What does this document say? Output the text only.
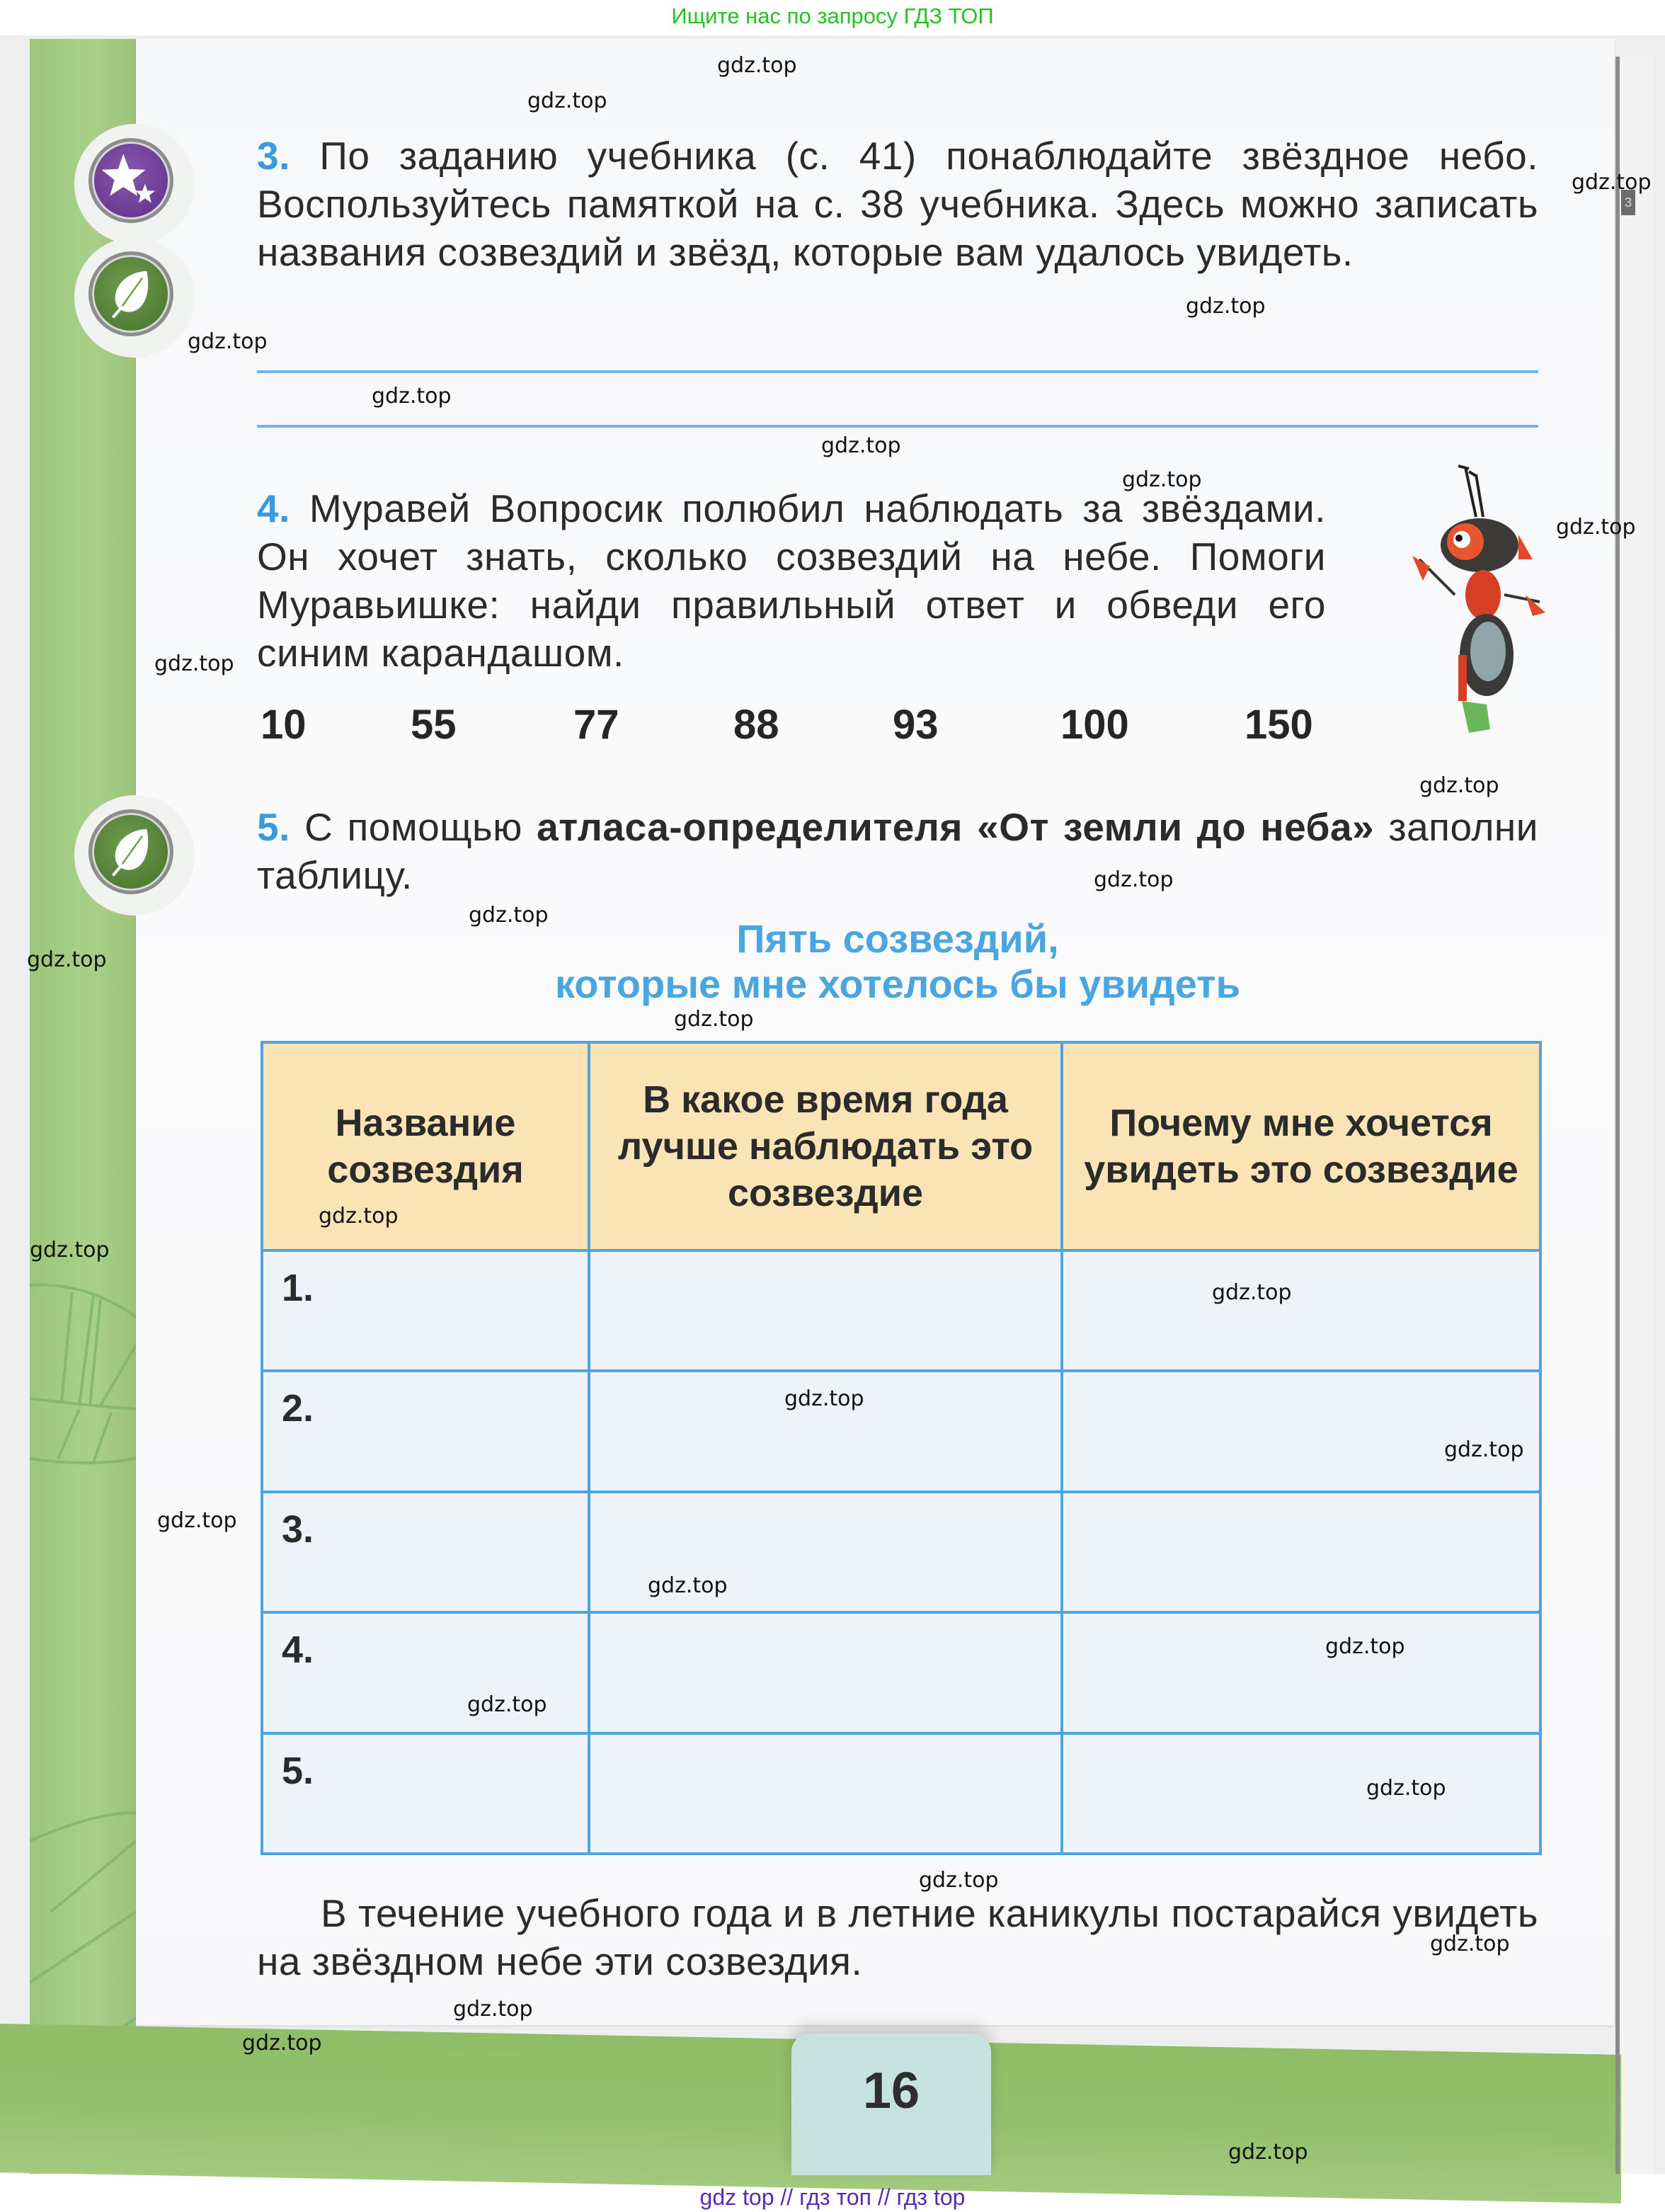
Ищите нас по запросу ГДЗ ТОП
3
3. По заданию учебника (с. 41) понаблюдайте звёздное небо. Воспользуйтесь памяткой на с. 38 учебника. Здесь можно записать названия созвездий и звёзд, которые вам удалось увидеть.
4. Муравей Вопросик полюбил наблюдать за звёздами. Он хочет знать, сколько созвездий на небе. Помоги Муравьишке: найди правильный ответ и обведи его синим карандашом.
10	55	77	88	93	100	150
5. С помощью атласа-определителя «От земли до неба» заполни таблицу.
Пять созвездий,
которые мне хотелось бы увидеть
Название созвездия	В какое время года лучше наблюдать это созвездие	Почему мне хочется увидеть это созвездие

1.		

2.		

3.		

4.		

5.		

В течение учебного года и в летние каникулы постарайся увидеть на звёздном небе эти созвездия.
16
gdz.top
gdz.top
gdz.top
gdz.top
gdz.top
gdz.top
gdz.top
gdz.top
gdz.top
gdz.top
gdz.top
gdz.top
gdz.top
gdz.top
gdz.top
gdz.top
gdz.top
gdz.top
gdz.top
gdz.top
gdz.top
gdz.top
gdz.top
gdz.top
gdz.top
gdz.top
gdz.top
gdz.top
gdz.top
gdz.top
gdz top // гдз топ // гдз top
